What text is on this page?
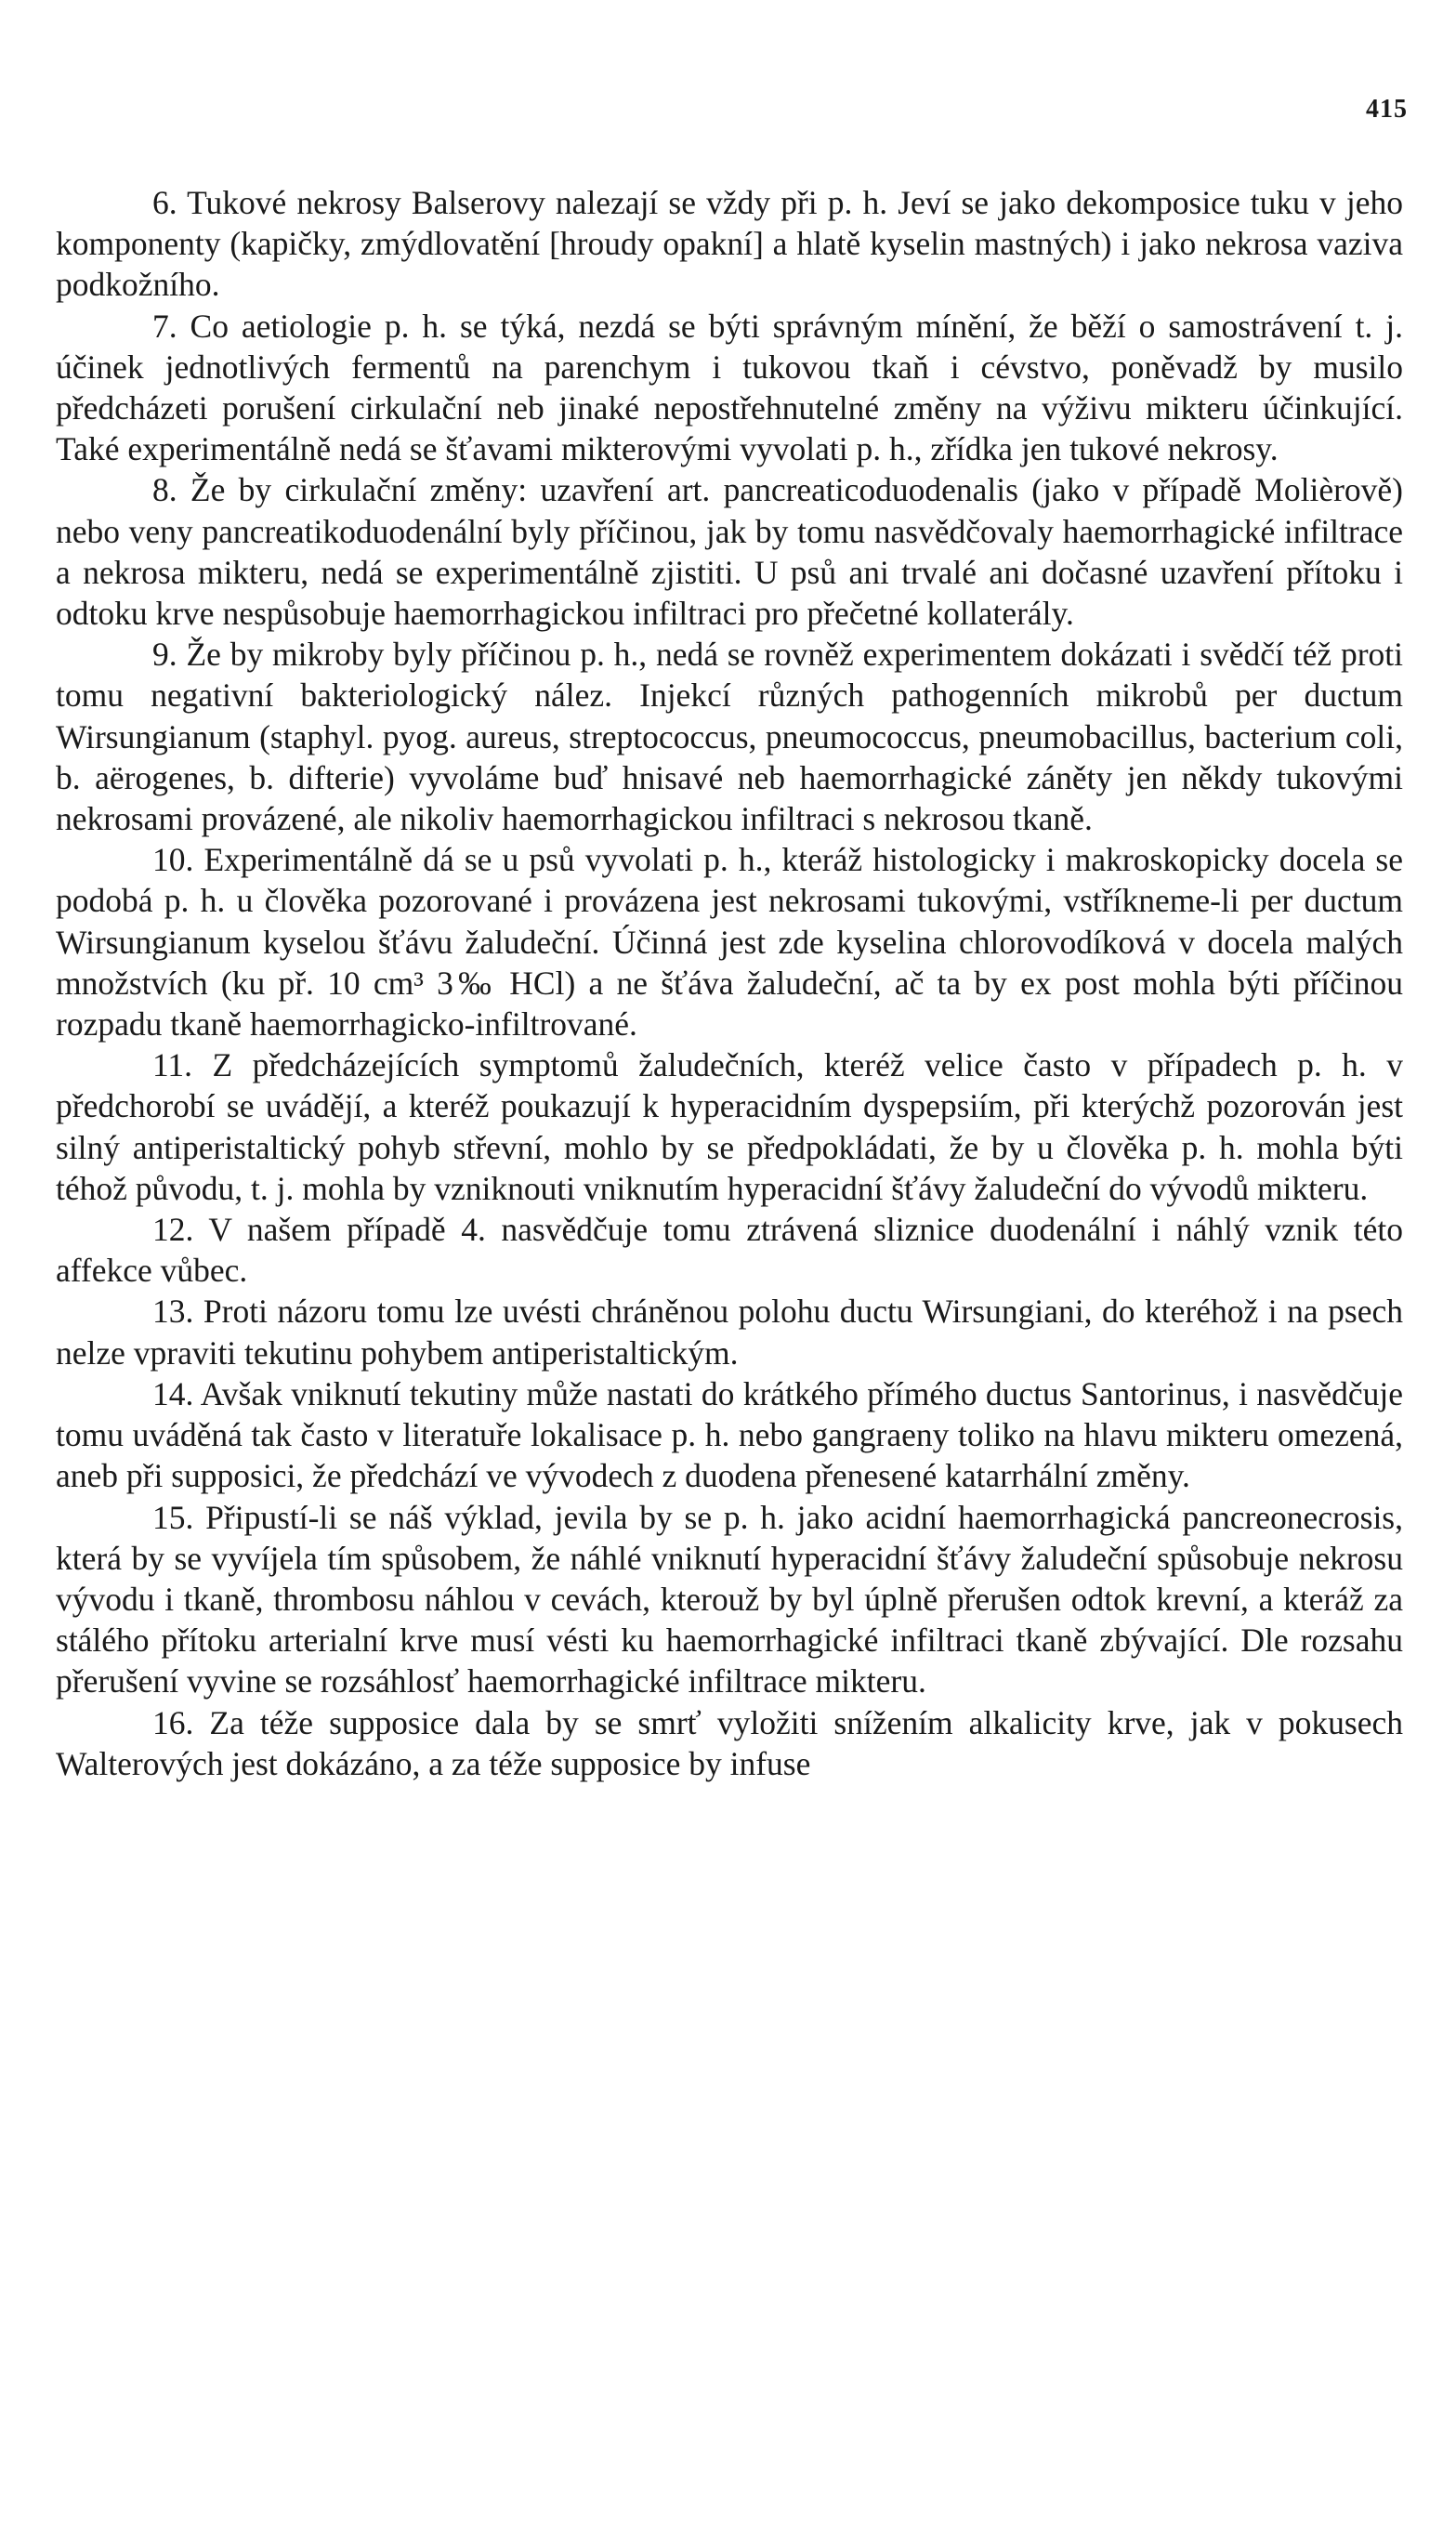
415

6. Tukové nekrosy Balserovy nalezají se vždy při p. h. Jeví se jako dekomposice tuku v jeho komponenty (kapičky, zmýdlovatění [hroudy opakní] a hlatě kyselin mastných) i jako nekrosa vaziva podkožního.

7. Co aetiologie p. h. se týká, nezdá se býti správným mínění, že běží o samostrávení t. j. účinek jednotlivých fermentů na parenchym i tukovou tkaň i cévstvo, poněvadž by musilo předcházeti porušení cirkulační neb jinaké nepostřehnutelné změny na výživu mikteru účinkující. Také experimentálně nedá se šťavami mikterovými vyvolati p. h., zřídka jen tukové nekrosy.

8. Že by cirkulační změny: uzavření art. pancreaticoduodenalis (jako v případě Molièrově) nebo veny pancreatikoduodenální byly příčinou, jak by tomu nasvědčovaly haemorrhagické infiltrace a nekrosa mikteru, nedá se experimentálně zjistiti. U psů ani trvalé ani dočasné uzavření přítoku i odtoku krve nespůsobuje haemorrhagickou infiltraci pro přečetné kollaterály.

9. Že by mikroby byly příčinou p. h., nedá se rovněž experimentem dokázati i svědčí též proti tomu negativní bakteriologický nález. Injekcí různých pathogenních mikrobů per ductum Wirsungianum (staphyl. pyog. aureus, streptococcus, pneumococcus, pneumobacillus, bacterium coli, b. aërogenes, b. difterie) vyvoláme buď hnisavé neb haemorrhagické záněty jen někdy tukovými nekrosami provázené, ale nikoliv haemorrhagickou infiltraci s nekrosou tkaně.

10. Experimentálně dá se u psů vyvolati p. h., kteráž histologicky i makroskopicky docela se podobá p. h. u člověka pozorované i provázena jest nekrosami tukovými, vstříkneme-li per ductum Wirsungianum kyselou šťávu žaludeční. Účinná jest zde kyselina chlorovodíková v docela malých množstvích (ku př. 10 cm³ 3‰ HCl) a ne šťáva žaludeční, ač ta by ex post mohla býti příčinou rozpadu tkaně haemorrhagicko-infiltrované.

11. Z předcházejících symptomů žaludečních, kteréž velice často v případech p. h. v předchorobí se uvádějí, a kteréž poukazují k hyperacidním dyspepsiím, při kterýchž pozorován jest silný antiperistaltický pohyb střevní, mohlo by se předpokládati, že by u člověka p. h. mohla býti téhož původu, t. j. mohla by vzniknouti vniknutím hyperacidní šťávy žaludeční do vývodů mikteru.

12. V našem případě 4. nasvědčuje tomu ztrávená sliznice duodenální i náhlý vznik této affekce vůbec.

13. Proti názoru tomu lze uvésti chráněnou polohu ductu Wirsungiani, do kteréhož i na psech nelze vpraviti tekutinu pohybem antiperistaltickým.

14. Avšak vniknutí tekutiny může nastati do krátkého přímého ductus Santorinus, i nasvědčuje tomu uváděná tak často v literatuře lokalisace p. h. nebo gangraeny toliko na hlavu mikteru omezená, aneb při supposici, že předchází ve vývodech z duodena přenesené katarrhální změny.

15. Připustí-li se náš výklad, jevila by se p. h. jako acidní haemorrhagická pancreonecrosis, která by se vyvíjela tím spůsobem, že náhlé vniknutí hyperacidní šťávy žaludeční spůsobuje nekrosu vývodu i tkaně, thrombosu náhlou v cevách, kterouž by byl úplně přerušen odtok krevní, a kteráž za stálého přítoku arterialní krve musí vésti ku haemorrhagické infiltraci tkaně zbývající. Dle rozsahu přerušení vyvine se rozsáhlosť haemorrhagické infiltrace mikteru.

16. Za téže supposice dala by se smrť vyložiti snížením alkalicity krve, jak v pokusech Walterových jest dokázáno, a za téže supposice by infuse
